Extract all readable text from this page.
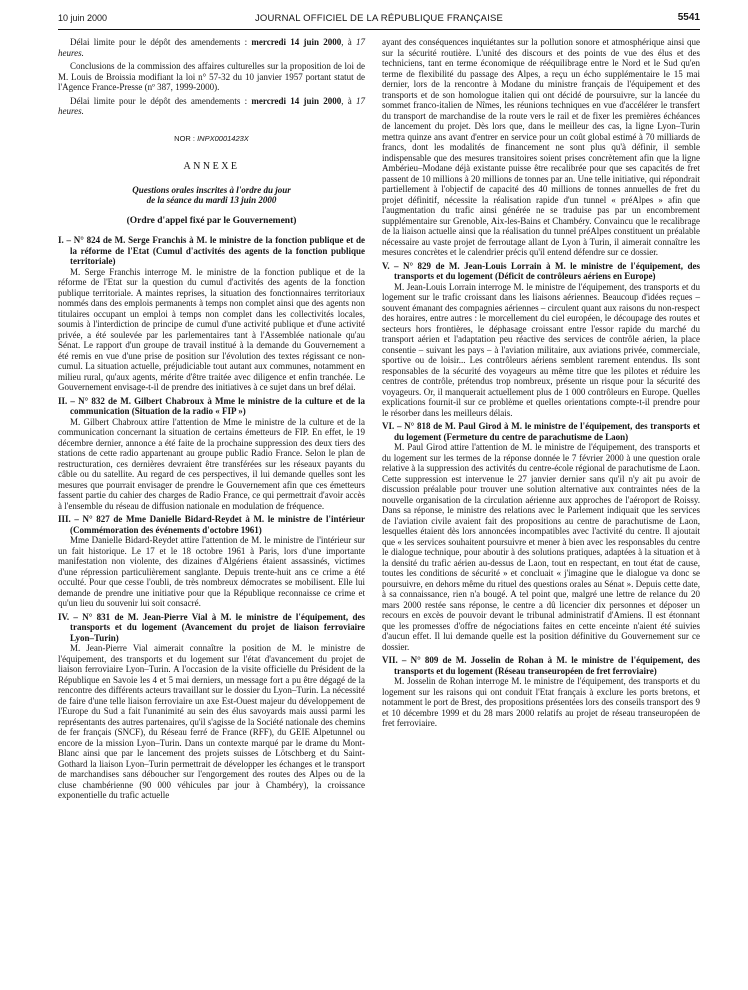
10 juin 2000	JOURNAL OFFICIEL DE LA RÉPUBLIQUE FRANÇAISE	5541

Délai limite pour le dépôt des amendements : mercredi 14 juin 2000, à 17 heures.

Conclusions de la commission des affaires culturelles sur la proposition de loi de M. Louis de Broissia modifiant la loi n° 57-32 du 10 janvier 1957 portant statut de l'Agence France-Presse (nº 387, 1999-2000).

Délai limite pour le dépôt des amendements : mercredi 14 juin 2000, à 17 heures.

NOR : INPX0001423X

ANNEXE

Questions orales inscrites à l'ordre du jour

de la séance du mardi 13 juin 2000

(Ordre d'appel fixé par le Gouvernement)

I. – N° 824 de M. Serge Franchis à M. le ministre de la fonction publique et de la réforme de l'Etat (Cumul d'activités des agents de la fonction publique territoriale)

M. Serge Franchis interroge M. le ministre de la fonction publique et de la réforme de l'Etat sur la question du cumul d'activités des agents de la fonction publique territoriale. A maintes reprises, la situation des fonctionnaires territoriaux nommés dans des emplois permanents à temps non complet ainsi que des agents non titulaires occupant un emploi à temps non complet dans les collectivités locales, soumis à l'interdiction de principe de cumul d'une activité publique et d'une activité privée, a été soulevée par les parlementaires tant à l'Assemblée nationale qu'au Sénat. Le rapport d'un groupe de travail institué à la demande du Gouvernement a été remis en vue d'une prise de position sur l'évolution des textes régissant ce non-cumul. La situation actuelle, préjudiciable tout autant aux communes, notamment en milieu rural, qu'aux agents, mérite d'être traitée avec diligence et enfin tranchée. Le Gouvernement envisage-t-il de prendre des initiatives à ce sujet dans un bref délai.

II. – N° 832 de M. Gilbert Chabroux à Mme le ministre de la culture et de la communication (Situation de la radio « FIP »)

M. Gilbert Chabroux attire l'attention de Mme le ministre de la culture et de la communication concernant la situation de certains émetteurs de FIP. En effet, le 19 décembre dernier, annonce a été faite de la prochaine suppression des deux tiers des stations de cette radio appartenant au groupe public Radio France. Selon le plan de restructuration, ces dernières devraient être transférées sur les réseaux payants du câble ou du satellite. Au regard de ces perspectives, il lui demande quelles sont les mesures que pourrait envisager de prendre le Gouvernement afin que ces émetteurs fassent partie du cahier des charges de Radio France, ce qui permettrait d'avoir accès à l'ensemble du réseau de diffusion nationale en modulation de fréquence.

III. – N° 827 de Mme Danielle Bidard-Reydet à M. le ministre de l'intérieur (Commémoration des événements d'octobre 1961)

Mme Danielle Bidard-Reydet attire l'attention de M. le ministre de l'intérieur sur un fait historique. Le 17 et le 18 octobre 1961 à Paris, lors d'une importante manifestation non violente, des dizaines d'Algériens étaient assassinés, victimes d'une répression particulièrement sanglante. Depuis trente-huit ans ce crime a été occulté. Pour que cesse l'oubli, de très nombreux démocrates se mobilisent. Elle lui demande de prendre une initiative pour que la République reconnaisse ce crime et qu'un lieu du souvenir lui soit consacré.

IV. – N° 831 de M. Jean-Pierre Vial à M. le ministre de l'équipement, des transports et du logement (Avancement du projet de liaison ferroviaire Lyon–Turin)

M. Jean-Pierre Vial aimerait connaître la position de M. le ministre de l'équipement, des transports et du logement sur l'état d'avancement du projet de liaison ferroviaire Lyon–Turin. A l'occasion de la visite officielle du Président de la République en Savoie les 4 et 5 mai derniers, un message fort a pu être dégagé de la rencontre des différents acteurs travaillant sur le dossier du Lyon–Turin. La nécessité de faire d'une telle liaison ferroviaire un axe Est-Ouest majeur du développement de l'Europe du Sud a fait l'unanimité au sein des élus savoyards mais aussi parmi les représentants des autres partenaires, qu'il s'agisse de la Société nationale des chemins de fer français (SNCF), du Réseau ferré de France (RFF), du GEIE Alpetunnel ou encore de la mission Lyon–Turin. Dans un contexte marqué par le drame du Mont-Blanc ainsi que par le lancement des projets suisses de Lötschberg et du Saint-Gothard la liaison Lyon–Turin permettrait de développer les échanges et le transport de marchandises sans déboucher sur l'engorgement des routes des Alpes ou de la cluse chambérienne (90 000 véhicules par jour à Chambéry), la croissance exponentielle du trafic actuelle

ayant des conséquences inquiétantes sur la pollution sonore et atmosphérique ainsi que sur la sécurité routière. L'unité des discours et des points de vue des élus et des techniciens, tant en terme économique de rééquilibrage entre le Nord et le Sud qu'en terme de flexibilité du passage des Alpes, a reçu un écho supplémentaire le 15 mai dernier, lors de la rencontre à Modane du ministre français de l'équipement et des transports et de son homologue italien qui ont décidé de poursuivre, sur la lancée du sommet franco-italien de Nîmes, les réunions techniques en vue d'accélérer le transfert du transport de marchandise de la route vers le rail et de fixer les premières échéances de lancement du projet. Dès lors que, dans le meilleur des cas, la ligne Lyon–Turin mettra quinze ans avant d'entrer en service pour un coût global estimé à 70 milliards de francs, dont les modalités de financement ne sont plus qu'à définir, il semble indispensable que des mesures transitoires soient prises concrètement afin que la ligne Ambérieu–Modane déjà existante puisse être recalibrée pour que ses capacités de fret passent de 10 millions à 20 millions de tonnes par an. Une telle initiative, qui répondrait partiellement à l'objectif de capacité des 40 millions de tonnes annuelles de fret du projet définitif, nécessite la réalisation rapide d'un tunnel « préAlpes » afin que l'augmentation du trafic ainsi générée ne se traduise pas par un encombrement supplémentaire sur Grenoble, Aix-les-Bains et Chambéry. Convaincu que le recalibrage de la liaison actuelle ainsi que la réalisation du tunnel préAlpes constituent un préalable nécessaire au vaste projet de ferroutage allant de Lyon à Turin, il aimerait connaître les mesures concrètes et le calendrier précis qu'il entend défendre sur ce dossier.

V. – N° 829 de M. Jean-Louis Lorrain à M. le ministre de l'équipement, des transports et du logement (Déficit de contrôleurs aériens en Europe)

M. Jean-Louis Lorrain interroge M. le ministre de l'équipement, des transports et du logement sur le trafic croissant dans les liaisons aériennes. Beaucoup d'idées reçues – souvent émanant des compagnies aériennes – circulent quant aux raisons du non-respect des horaires, entre autres : le morcellement du ciel européen, le découpage des routes et secteurs hors frontières, le déphasage croissant entre l'essor rapide du marché du transport aérien et l'adaptation peu réactive des services de contrôle aérien, la place consentie – suivant les pays – à l'aviation militaire, aux aviations privée, commerciale, sportive ou de loisir... Les contrôleurs aériens semblent rarement entendus. Ils sont responsables de la sécurité des voyageurs au même titre que les pilotes et réduire les centres de contrôle, prétendus trop nombreux, présente un risque pour la sécurité des voyageurs. Or, il manquerait actuellement plus de 1 000 contrôleurs en Europe. Quelles explications fournit-il sur ce problème et quelles orientations compte-t-il prendre pour le résorber dans les meilleurs délais.

VI. – N° 818 de M. Paul Girod à M. le ministre de l'équipement, des transports et du logement (Fermeture du centre de parachutisme de Laon)

M. Paul Girod attire l'attention de M. le ministre de l'équipement, des transports et du logement sur les termes de la réponse donnée le 7 février 2000 à une question orale relative à la suppression des activités du centre-école régional de parachutisme de Laon. Cette suppression est intervenue le 27 janvier dernier sans qu'il n'y ait pu avoir de discussion préalable pour trouver une solution alternative aux contraintes nées de la nouvelle organisation de la circulation aérienne aux approches de l'aéroport de Roissy. Dans sa réponse, le ministre des relations avec le Parlement indiquait que les services de l'aviation civile avaient fait des propositions au centre de parachutisme de Laon, lesquelles étaient dès lors annoncées incompatibles avec l'activité du centre. Il ajoutait que « les services souhaitent poursuivre et mener à bien avec les responsables du centre le dialogue technique, pour aboutir à des solutions pratiques, adaptées à la situation et à la densité du trafic aérien au-dessus de Laon, tout en respectant, en tout état de cause, toutes les conditions de sécurité » et concluait « j'imagine que le dialogue va donc se poursuivre, en dehors même du rituel des questions orales au Sénat ». Depuis cette date, à sa connaissance, rien n'a bougé. A tel point que, malgré une lettre de relance du 20 mars 2000 restée sans réponse, le centre a dû licencier dix personnes et déposer un recours en excès de pouvoir devant le tribunal administratif d'Amiens. Il est étonnant que les promesses d'offre de négociations faites en cette enceinte n'aient été suivies d'aucun effet. Il lui demande quelle est la position définitive du Gouvernement sur ce dossier.

VII. – N° 809 de M. Josselin de Rohan à M. le ministre de l'équipement, des transports et du logement (Réseau transeuropéen de fret ferroviaire)

M. Josselin de Rohan interroge M. le ministre de l'équipement, des transports et du logement sur les raisons qui ont conduit l'Etat français à exclure les ports bretons, et notamment le port de Brest, des propositions présentées lors des conseils transport des 9 et 10 décembre 1999 et du 28 mars 2000 relatifs au projet de réseau transeuropéen de fret ferroviaire.
